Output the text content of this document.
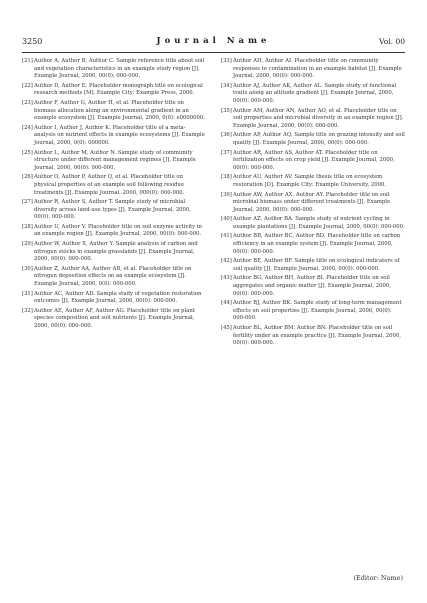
3250	Journal Name	Vol. 00
[21] Author A, Author B, Author C. Sample reference title about soil and vegetation characteristics in an example study region [J]. Example Journal, 2000, 00(0): 000-000.
[22] Author D, Author E. Placeholder monograph title on ecological research methods [M]. Example City: Example Press, 2000.
[23] Author F, Author G, Author H, et al. Placeholder title on biomass allocation along an environmental gradient in an example ecosystem [J]. Example Journal, 2000, 0(0): e0000000.
[24] Author I, Author J, Author K. Placeholder title of a meta-analysis on nutrient effects in example ecosystems [J]. Example Journal, 2000, 0(0): 000000.
[25] Author L, Author M, Author N. Sample study of community structure under different management regimes [J]. Example Journal, 2000, 00(0): 000-000.
[26] Author O, Author P, Author Q, et al. Placeholder title on physical properties of an example soil following residue treatments [J]. Example Journal, 2000, 000(0): 000-000.
[27] Author R, Author S, Author T. Sample study of microbial diversity across land-use types [J]. Example Journal, 2000, 00(0): 000-000.
[28] Author U, Author V. Placeholder title on soil enzyme activity in an example region [J]. Example Journal, 2000, 00(0): 000-000.
[29] Author W, Author X, Author Y. Sample analysis of carbon and nitrogen stocks in example grasslands [J]. Example Journal, 2000, 00(0): 000-000.
[30] Author Z, Author AA, Author AB, et al. Placeholder title on nitrogen deposition effects on an example ecosystem [J]. Example Journal, 2000, 0(0): 000-000.
[31] Author AC, Author AD. Sample study of vegetation restoration outcomes [J]. Example Journal, 2000, 00(0): 000-000.
[32] Author AE, Author AF, Author AG. Placeholder title on plant species composition and soil nutrients [J]. Example Journal, 2000, 00(0): 000-000.
[33] Author AH, Author AI. Placeholder title on community responses to contamination in an example habitat [J]. Example Journal, 2000, 00(0): 000-000.
[34] Author AJ, Author AK, Author AL. Sample study of functional traits along an altitude gradient [J]. Example Journal, 2000, 00(0): 000-000.
[35] Author AM, Author AN, Author AO, et al. Placeholder title on soil properties and microbial diversity in an example region [J]. Example Journal, 2000, 00(0): 000-000.
[36] Author AP, Author AQ. Sample title on grazing intensity and soil quality [J]. Example Journal, 2000, 00(0): 000-000.
[37] Author AR, Author AS, Author AT. Placeholder title on fertilization effects on crop yield [J]. Example Journal, 2000, 00(0): 000-000.
[38] Author AU, Author AV. Sample thesis title on ecosystem restoration [D]. Example City: Example University, 2000.
[39] Author AW, Author AX, Author AY. Placeholder title on soil microbial biomass under different treatments [J]. Example Journal, 2000, 00(0): 000-000.
[40] Author AZ, Author BA. Sample study of nutrient cycling in example plantations [J]. Example Journal, 2000, 00(0): 000-000.
[41] Author BB, Author BC, Author BD. Placeholder title on carbon efficiency in an example system [J]. Example Journal, 2000, 00(0): 000-000.
[42] Author BE, Author BF. Sample title on ecological indicators of soil quality [J]. Example Journal, 2000, 00(0): 000-000.
[43] Author BG, Author BH, Author BI. Placeholder title on soil aggregates and organic matter [J]. Example Journal, 2000, 00(0): 000-000.
[44] Author BJ, Author BK. Sample study of long-term management effects on soil properties [J]. Example Journal, 2000, 00(0): 000-000.
[45] Author BL, Author BM, Author BN. Placeholder title on soil fertility under an example practice [J]. Example Journal, 2000, 00(0): 000-000.
(Editor: Name)
